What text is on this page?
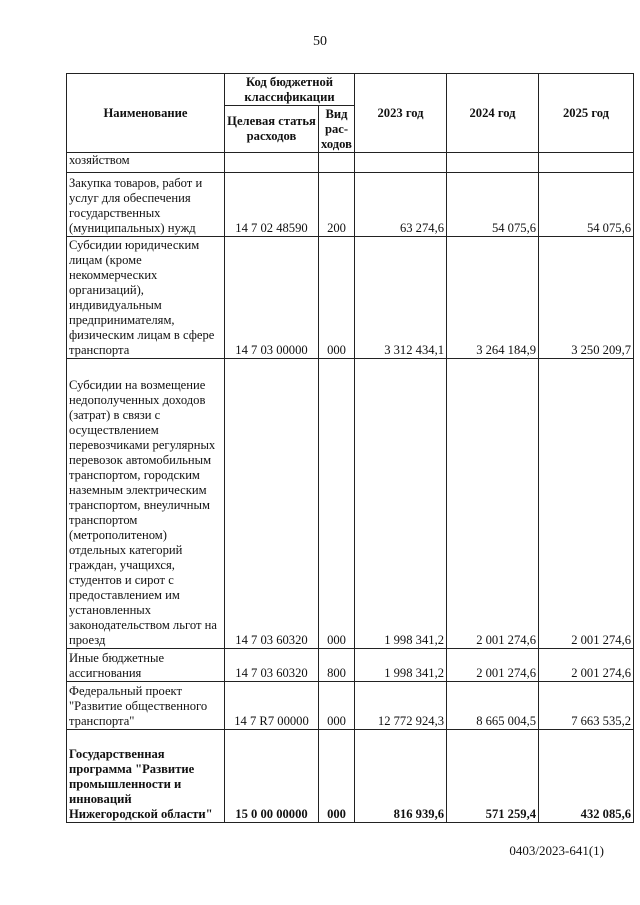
50
Наименование	Код бюджетной классификации		2023 год	2024 год	2025 год
	Целевая статья расходов	Вид рас-ходов			
хозяйством					
Закупка товаров, работ и услуг для обеспечения государственных (муниципальных) нужд	14 7 02 48590	200	63 274,6	54 075,6	54 075,6
Субсидии юридическим лицам (кроме некоммерческих организаций), индивидуальным предпринимателям, физическим лицам в сфере транспорта	14 7 03 00000	000	3 312 434,1	3 264 184,9	3 250 209,7
Субсидии на возмещение недополученных доходов (затрат) в связи с осуществлением перевозчиками регулярных перевозок автомобильным транспортом, городским наземным электрическим транспортом, внеуличным транспортом (метрополитеном) отдельных категорий граждан, учащихся, студентов и сирот с предоставлением им установленных законодательством льгот на проезд	14 7 03 60320	000	1 998 341,2	2 001 274,6	2 001 274,6
Иные бюджетные ассигнования	14 7 03 60320	800	1 998 341,2	2 001 274,6	2 001 274,6
Федеральный проект "Развитие общественного транспорта"	14 7 R7 00000	000	12 772 924,3	8 665 004,5	7 663 535,2
Государственная программа "Развитие промышленности и инноваций Нижегородской области"	15 0 00 00000	000	816 939,6	571 259,4	432 085,6
0403/2023-641(1)
